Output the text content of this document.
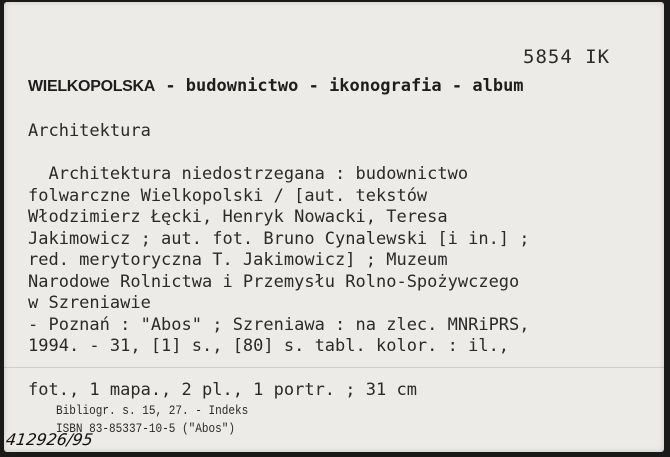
5854 IK
WIELKOPOLSKA - budownictwo - ikonografia - album
Architektura
Architektura niedostrzegana : budownictwo
folwarczne Wielkopolski / [aut. tekstów
Włodzimierz Łęcki, Henryk Nowacki, Teresa
Jakimowicz ; aut. fot. Bruno Cynalewski [i in.] ;
red. merytoryczna T. Jakimowicz] ; Muzeum
Narodowe Rolnictwa i Przemysłu Rolno-Spożywczego
w Szreniawie
- Poznań : "Abos" ; Szreniawa : na zlec. MNRiPRS,
1994. - 31, [1] s., [80] s. tabl. kolor. : il.,
fot., 1 mapa., 2 pl., 1 portr. ; 31 cm
Bibliogr. s. 15, 27. - Indeks
ISBN 83-85337-10-5 ("Abos")
412926/95
